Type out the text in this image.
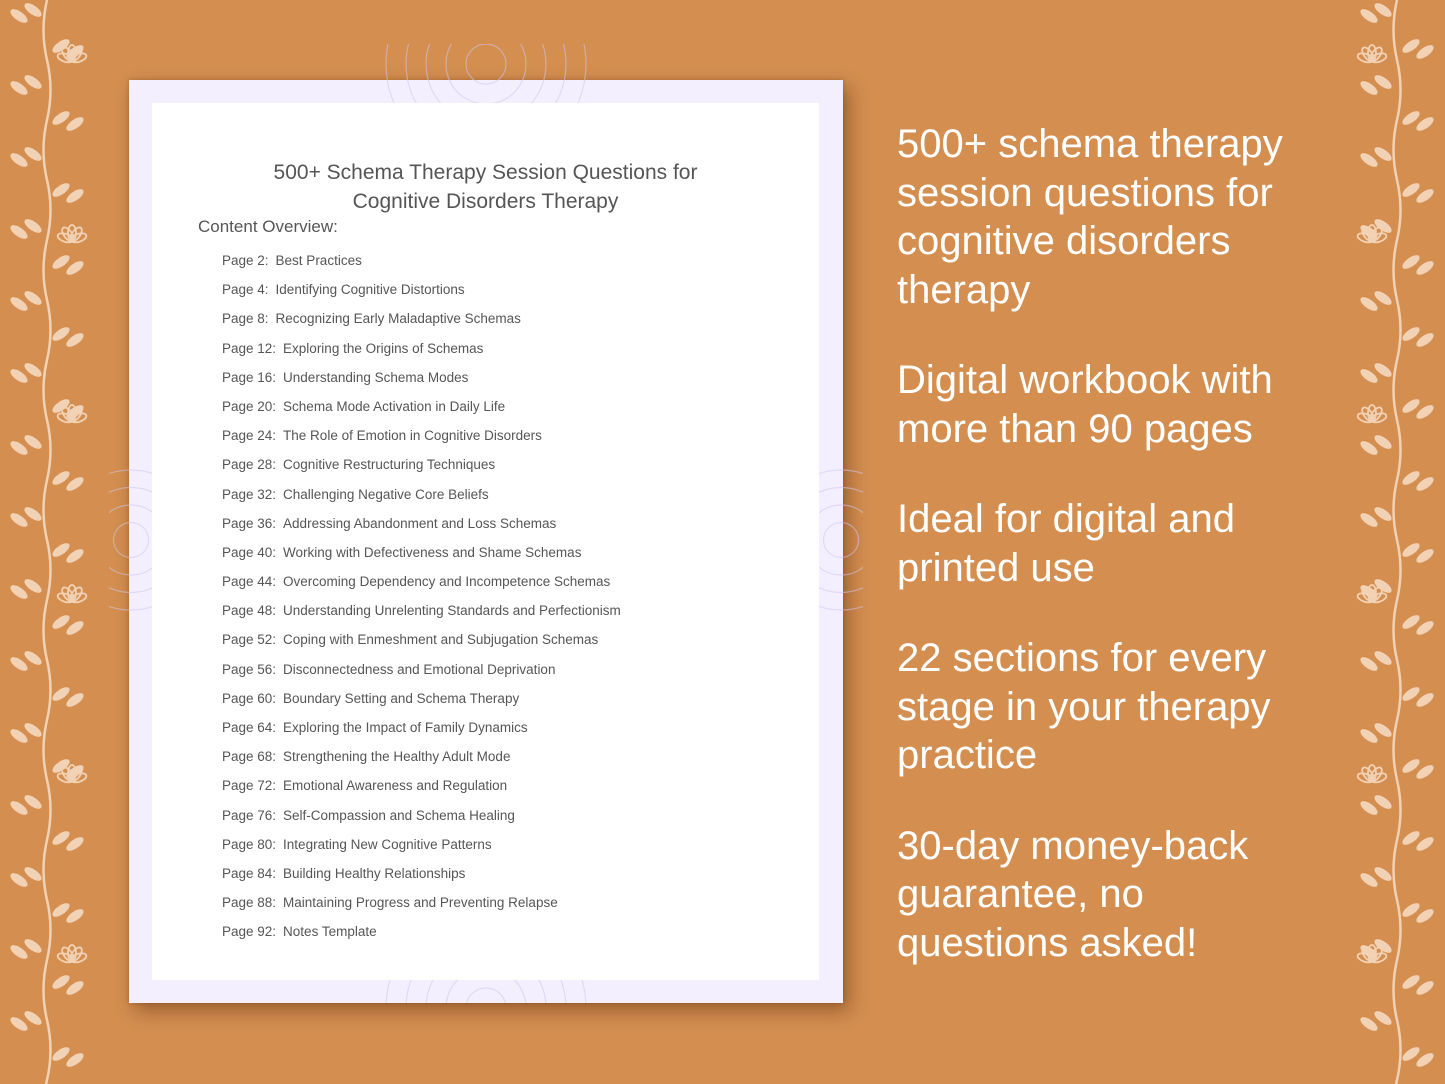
500+ Schema Therapy Session Questions for
Cognitive Disorders Therapy
Content Overview:
Page 2: Best Practices
Page 4: Identifying Cognitive Distortions
Page 8: Recognizing Early Maladaptive Schemas
Page 12: Exploring the Origins of Schemas
Page 16: Understanding Schema Modes
Page 20: Schema Mode Activation in Daily Life
Page 24: The Role of Emotion in Cognitive Disorders
Page 28: Cognitive Restructuring Techniques
Page 32: Challenging Negative Core Beliefs
Page 36: Addressing Abandonment and Loss Schemas
Page 40: Working with Defectiveness and Shame Schemas
Page 44: Overcoming Dependency and Incompetence Schemas
Page 48: Understanding Unrelenting Standards and Perfectionism
Page 52: Coping with Enmeshment and Subjugation Schemas
Page 56: Disconnectedness and Emotional Deprivation
Page 60: Boundary Setting and Schema Therapy
Page 64: Exploring the Impact of Family Dynamics
Page 68: Strengthening the Healthy Adult Mode
Page 72: Emotional Awareness and Regulation
Page 76: Self-Compassion and Schema Healing
Page 80: Integrating New Cognitive Patterns
Page 84: Building Healthy Relationships
Page 88: Maintaining Progress and Preventing Relapse
Page 92: Notes Template
500+ schema therapy
session questions for
cognitive disorders
therapy
Digital workbook with
more than 90 pages
Ideal for digital and
printed use
22 sections for every
stage in your therapy
practice
30-day money-back
guarantee, no
questions asked!
